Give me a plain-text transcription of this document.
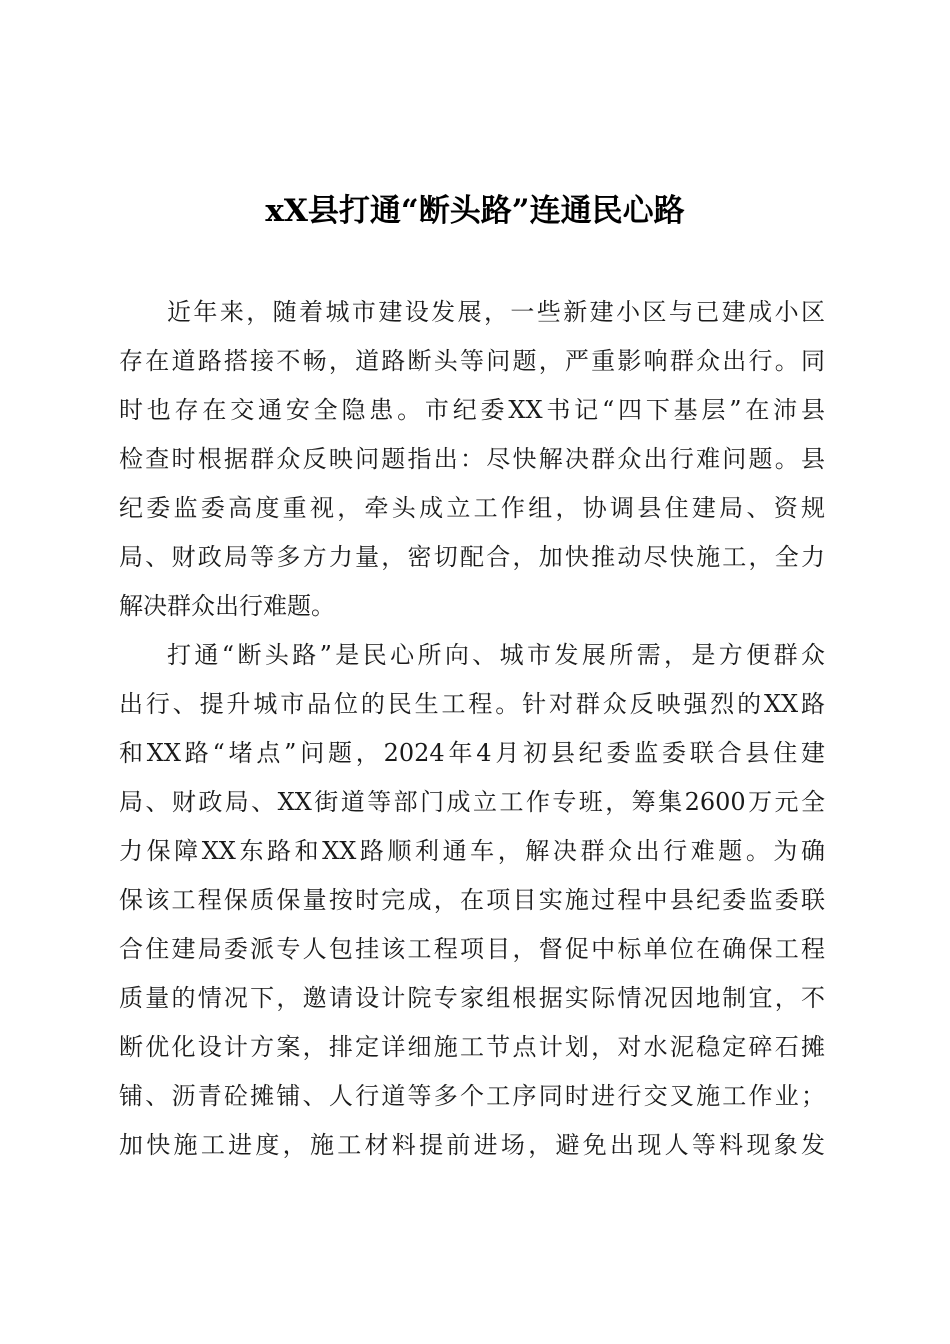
xX县打通“断头路”连通民心路
近年来，随着城市建设发展，一些新建小区与已建成小区
存在道路搭接不畅，道路断头等问题，严重影响群众出行。同
时也存在交通安全隐患。市纪委XX书记“四下基层”在沛县
检查时根据群众反映问题指出：尽快解决群众出行难问题。县
纪委监委高度重视，牵头成立工作组，协调县住建局、资规
局、财政局等多方力量，密切配合，加快推动尽快施工，全力
解决群众出行难题。
打通“断头路”是民心所向、城市发展所需，是方便群众
出行、提升城市品位的民生工程。针对群众反映强烈的XX路
和XX路“堵点”问题，2024年4月初县纪委监委联合县住建
局、财政局、XX街道等部门成立工作专班，筹集2600万元全
力保障XX东路和XX路顺利通车，解决群众出行难题。为确
保该工程保质保量按时完成，在项目实施过程中县纪委监委联
合住建局委派专人包挂该工程项目，督促中标单位在确保工程
质量的情况下，邀请设计院专家组根据实际情况因地制宜，不
断优化设计方案，排定详细施工节点计划，对水泥稳定碎石摊
铺、沥青砼摊铺、人行道等多个工序同时进行交叉施工作业；
加快施工进度，施工材料提前进场，避免出现人等料现象发
